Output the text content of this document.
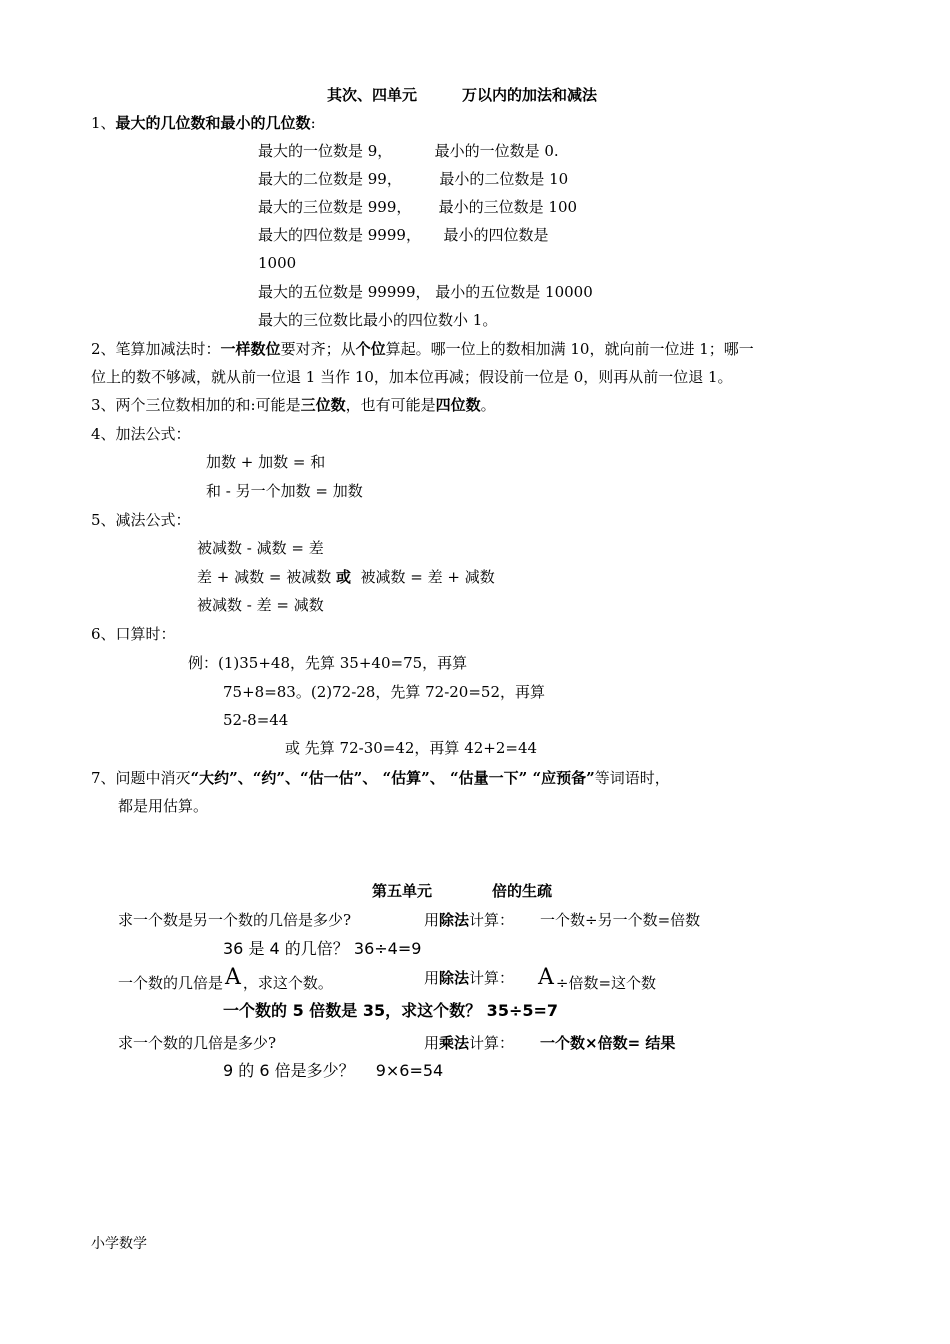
其次、四单元　　　万以内的加法和减法
1、最大的几位数和最小的几位数:
最大的一位数是 9，　　　 最小的一位数是 0.
最大的二位数是 99，　　　最小的二位数是 10
最大的三位数是 999，　　 最小的三位数是 100
最大的四位数是 9999，　　最小的四位数是
1000
最大的五位数是 99999， 最小的五位数是 10000
最大的三位数比最小的四位数小 1。
2、笔算加减法时：一样数位要对齐；从个位算起。哪一位上的数相加满 10，就向前一位进 1；哪一
位上的数不够减，就从前一位退 1 当作 10，加本位再减；假设前一位是 0，则再从前一位退 1。
3、两个三位数相加的和:可能是三位数，也有可能是四位数。
4、加法公式：
加数 + 加数 = 和
和 - 另一个加数 = 加数
5、减法公式：
被减数 - 减数 = 差
差 + 减数 = 被减数 或  被减数 = 差 + 减数
被减数 - 差 = 减数
6、口算时：
例：(1)35+48，先算 35+40=75，再算
75+8=83。(2)72-28，先算 72-20=52，再算
52-8=44
或 先算 72-30=42，再算 42+2=44
7、问题中消灭“大约”、“约”、“估一估”、 “估算”、 “估量一下” “应预备”等词语时，
都是用估算。
第五单元　　　　倍的生疏
求一个数是另一个数的几倍是多少?	用除法计算： 一个数÷另一个数=倍数
36 是 4 的几倍？ 36÷4=9
一个数的几倍是A ，求这个数。	用除法计算： A ÷倍数=这个数
一个数的 5 倍数是 35，求这个数？ 35÷5=7
求一个数的几倍是多少?	用乘法计算： 一个数×倍数= 结果
9 的 6 倍是多少？　 9×6=54
小学数学
